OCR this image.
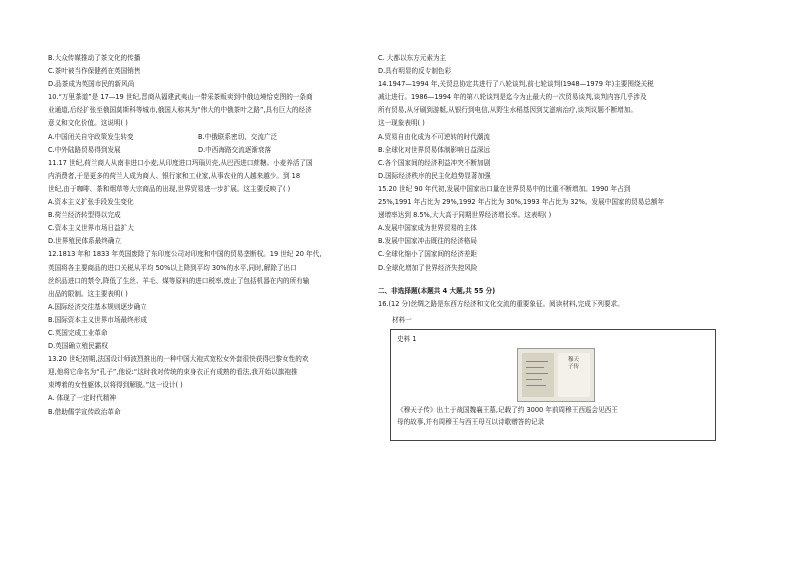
B.大众传媒推动了茶文化的传播
C.茶叶被当作保健药在英国销售
D.品茶成为英国市民的新风尚
10.“万里茶道”是 17—19 世纪,晋商从福建武夷山一带采茶贩卖到中俄边境恰克图的一条商
业通道,后经扩张至俄国莫斯科等城市,俄国人称其为“伟大的中俄茶叶之路”,具有巨大的经济
意义和文化价值。这说明( )
A.中国闭关自守政策发生转变	B.中俄联系密切、交流广泛
C.中外陆路贸易得到发展	D.中西海路交流逐渐衰落
11.17 世纪,荷兰商人从南非进口小麦,从印度进口玛瑙贝壳,从巴西进口蔗糖。小麦养活了国
内消费者,于是更多的荷兰人成为商人、银行家和工业家,从事农业的人越来越少。到 18
世纪,由于咖啡、茶和烟草等大宗商品的出现,世界贸易进一步扩展。这主要反映了( )
A.资本主义扩张手段发生变化
B.荷兰经济转型得以完成
C.资本主义世界市场日益扩大
D.世界殖民体系最终确立
12.1813 年和 1833 年英国废除了东印度公司对印度和中国的贸易垄断权。19 世纪 20 年代,
英国将各主要商品的进口关税从平均 50%以上降到平均 30%的水平,同时,解除了出口
丝织品进口的禁令,降低了生丝、羊毛、煤等原料的进口税率,废止了包括机器在内的所有输
出品的限制。这主要表明( )
A.国际经济交往基本规则逐步确立
B.国际资本主义世界市场最终形成
C.英国完成工业革命
D.英国确立殖民霸权
13.20 世纪初期,法国设计师波烈推出的一种中国大袍式宽松女外套很快获得巴黎女性的欢
迎,他将它命名为“孔子”,他说:“这时我对传统的束身衣正有成熟的看法,我开始以旗袍推
束缚着的女性躯体,以将得到解脱。”这一设计( )
A. 体现了一定时代精神
B.借助儒学宣传政治革命
C. 大都以东方元素为主
D.具有明显的反专制色彩
14.1947—1994 年,关贸总协定共进行了八轮谈判,前七轮谈判(1948—1979 年)主要围绕关税
减让进行。1986—1994 年的第八轮谈判是迄今为止最大的一次贸易谈判,谈判内容几乎涉及
所有贸易,从牙刷到游艇,从银行到电信,从野生水稻基因到艾滋病治疗,谈判议题不断增加。
这一现象表明( )
A.贸易自由化成为不可逆转的时代潮流
B.全球化对世界贸易体制影响日益深远
C.各个国家间的经济利益冲突不断加剧
D.国际经济秩序的民主化趋势显著加强
15.20 世纪 90 年代初,发展中国家出口量在世界贸易中的比重不断增加。1990 年占到
25%,1991 年占比为 29%,1992 年占比为 30%,1993 年占比为 32%。发展中国家的贸易总额年
递增率达到 8.5%,大大高于同期世界经济增长率。这表明( )
A.发展中国家成为世界贸易的主体
B.发展中国家冲击既往的经济格局
C.全球化缩小了国家间的经济差距
D.全球化增加了世界经济失控风险
二、非选择题(本题共 4 大题,共 55 分)
16.(12 分)丝绸之路是东西方经济和文化交流的重要象征。阅读材料,完成下列要求。
材料一
史料 1
穆天子传
《穆天子传》出土于战国魏襄王墓,记载了约 3000 年前周穆王西巡会见西王
母的故事,并有周穆王与西王母互以诗歌赠答的记录
